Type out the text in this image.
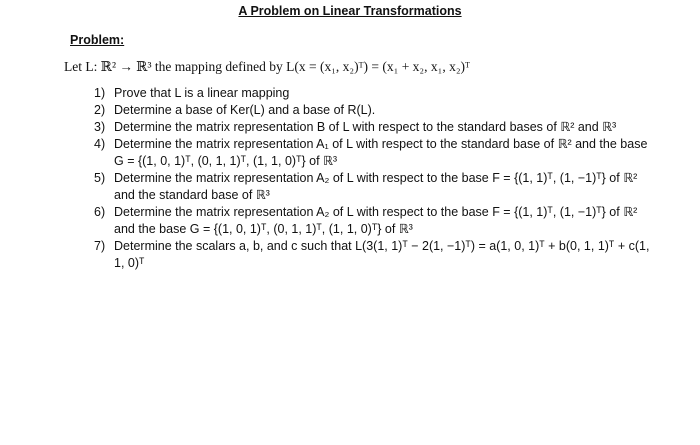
A Problem on Linear Transformations
Problem:
Let L: ℝ² → ℝ³ the mapping defined by L(x = (x₁, x₂)ᵀ) = (x₁ + x₂, x₁, x₂)ᵀ
1) Prove that L is a linear mapping
2) Determine a base of Ker(L) and a base of R(L).
3) Determine the matrix representation B of L with respect to the standard bases of ℝ² and ℝ³
4) Determine the matrix representation A₁ of L with respect to the standard base of ℝ² and the base G = {(1, 0, 1)ᵀ, (0, 1, 1)ᵀ, (1, 1, 0)ᵀ} of ℝ³
5) Determine the matrix representation A₂ of L with respect to the base F = {(1, 1)ᵀ, (1, −1)ᵀ} of ℝ² and the standard base of ℝ³
6) Determine the matrix representation A₂ of L with respect to the base F = {(1, 1)ᵀ, (1, −1)ᵀ} of ℝ² and the base G = {(1, 0, 1)ᵀ, (0, 1, 1)ᵀ, (1, 1, 0)ᵀ} of ℝ³
7) Determine the scalars a, b, and c such that L(3(1, 1)ᵀ − 2(1, −1)ᵀ) = a(1, 0, 1)ᵀ + b(0, 1, 1)ᵀ + c(1, 1, 0)ᵀ
